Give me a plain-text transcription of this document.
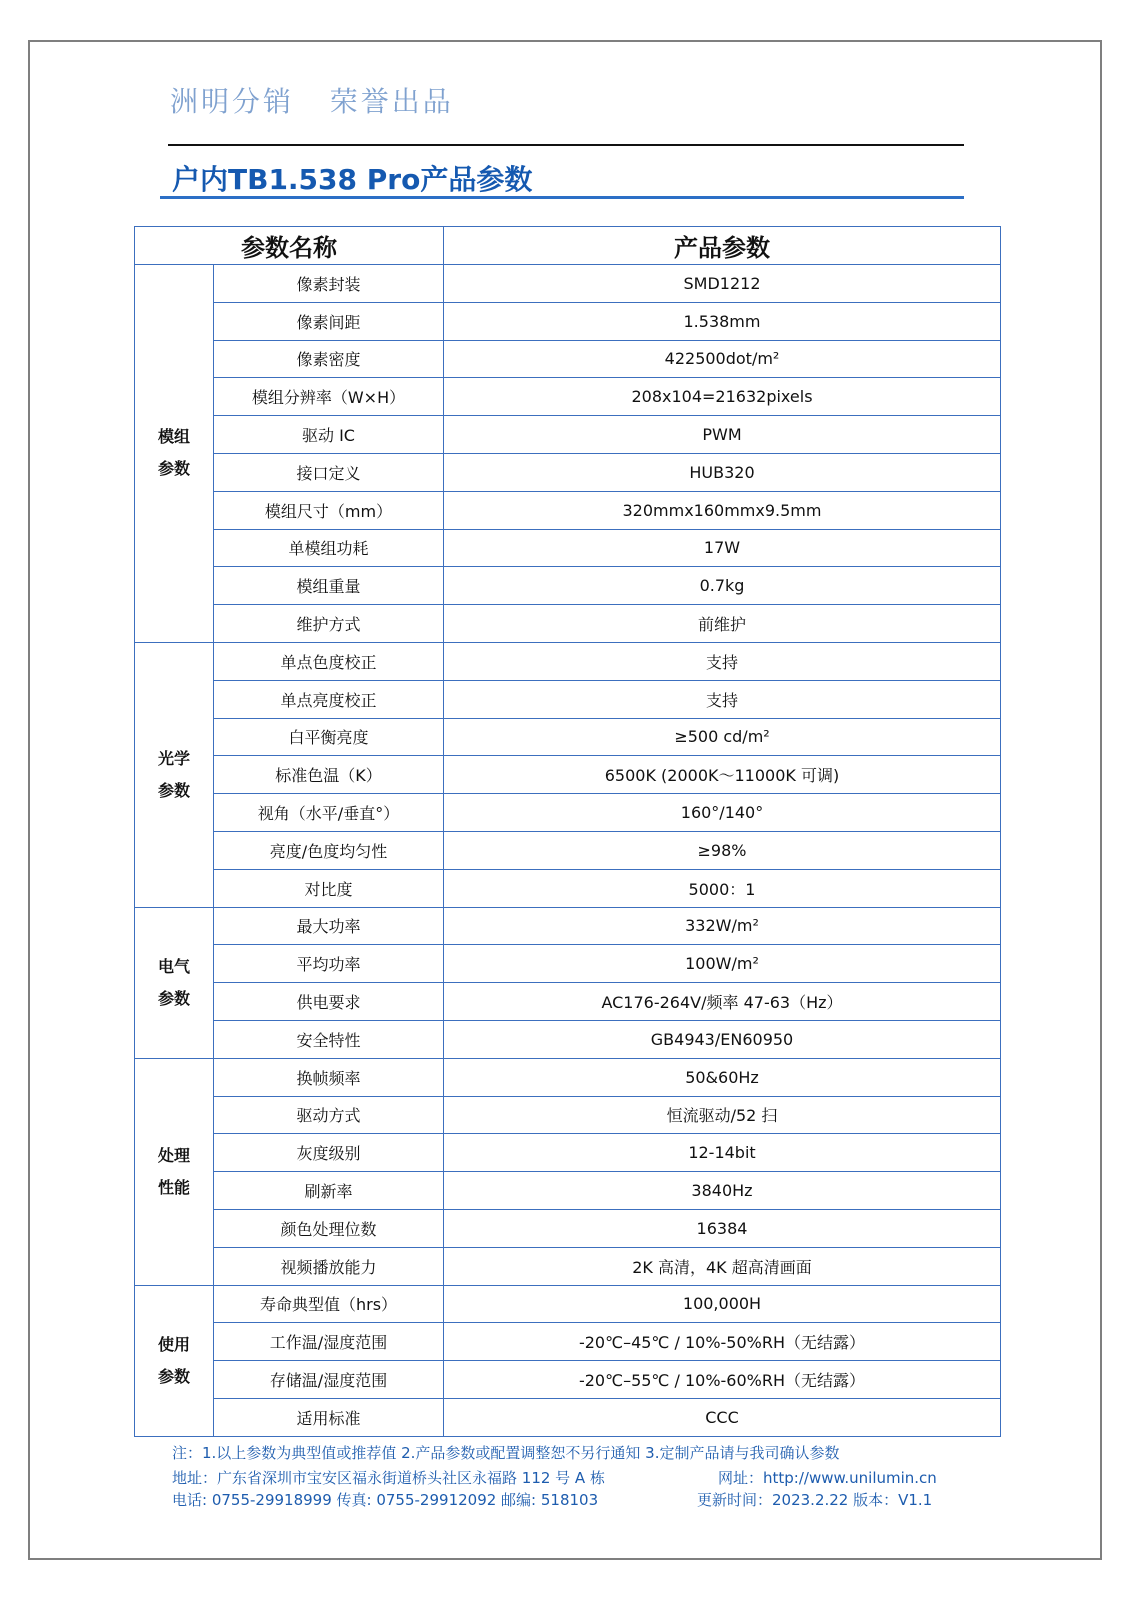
洲明分销   荣誉出品
户内TB1.538 Pro产品参数
参数名称		产品参数

模组参数	像素封装	SMD1212
	像素间距	1.538mm
	像素密度	422500dot/m²
	模组分辨率（W×H）	208x104=21632pixels
	驱动 IC	PWM
	接口定义	HUB320
	模组尺寸（mm）	320mmx160mmx9.5mm
	单模组功耗	17W
	模组重量	0.7kg
	维护方式	前维护

光学参数	单点色度校正	支持
	单点亮度校正	支持
	白平衡亮度	≥500 cd/m²
	标准色温（K）	6500K (2000K～11000K 可调)
	视角（水平/垂直°）	160°/140°
	亮度/色度均匀性	≥98%
	对比度	5000：1

电气参数	最大功率	332W/m²
	平均功率	100W/m²
	供电要求	AC176-264V/频率 47-63（Hz）
	安全特性	GB4943/EN60950

处理性能	换帧频率	50&60Hz
	驱动方式	恒流驱动/52 扫
	灰度级别	12-14bit
	刷新率	3840Hz
	颜色处理位数	16384
	视频播放能力	2K 高清，4K 超高清画面

使用参数	寿命典型值（hrs）	100,000H
	工作温/湿度范围	-20℃–45℃ / 10%-50%RH（无结露）
	存储温/湿度范围	-20℃–55℃ / 10%-60%RH（无结露）
	适用标准	CCC
注：1.以上参数为典型值或推荐值 2.产品参数或配置调整恕不另行通知 3.定制产品请与我司确认参数
地址：广东省深圳市宝安区福永街道桥头社区永福路 112 号 A 栋	网址：http://www.unilumin.cn
电话: 0755-29918999 传真: 0755-29912092 邮编: 518103	更新时间：2023.2.22 版本：V1.1
